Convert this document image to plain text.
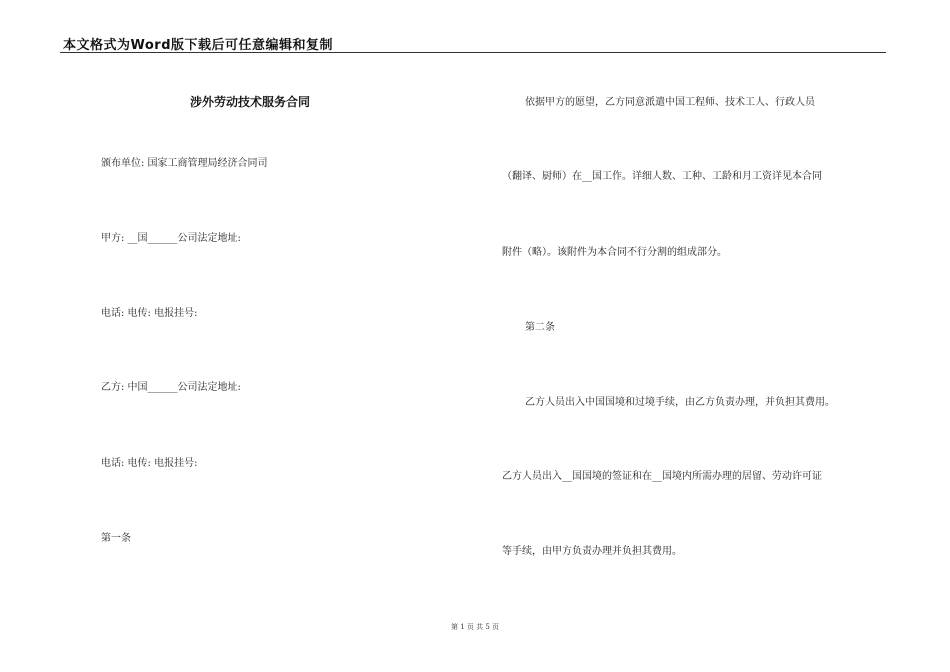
本文格式为Word版下载后可任意编辑和复制
涉外劳动技术服务合同
颁布单位: 国家工商管理局经济合同司
甲方: __国______公司法定地址:
电话: 电传: 电报挂号:
乙方: 中国______公司法定地址:
电话: 电传: 电报挂号:
第一条
依据甲方的愿望，乙方同意派遣中国工程师、技术工人、行政人员
（翻译、厨师）在__国工作。详细人数、工种、工龄和月工资详见本合同
附件（略）。该附件为本合同不行分割的组成部分。
第二条
乙方人员出入中国国境和过境手续，由乙方负责办理，并负担其费用。
乙方人员出入__国国境的签证和在__国境内所需办理的居留、劳动许可证
等手续，由甲方负责办理并负担其费用。
第 1 页 共 5 页
